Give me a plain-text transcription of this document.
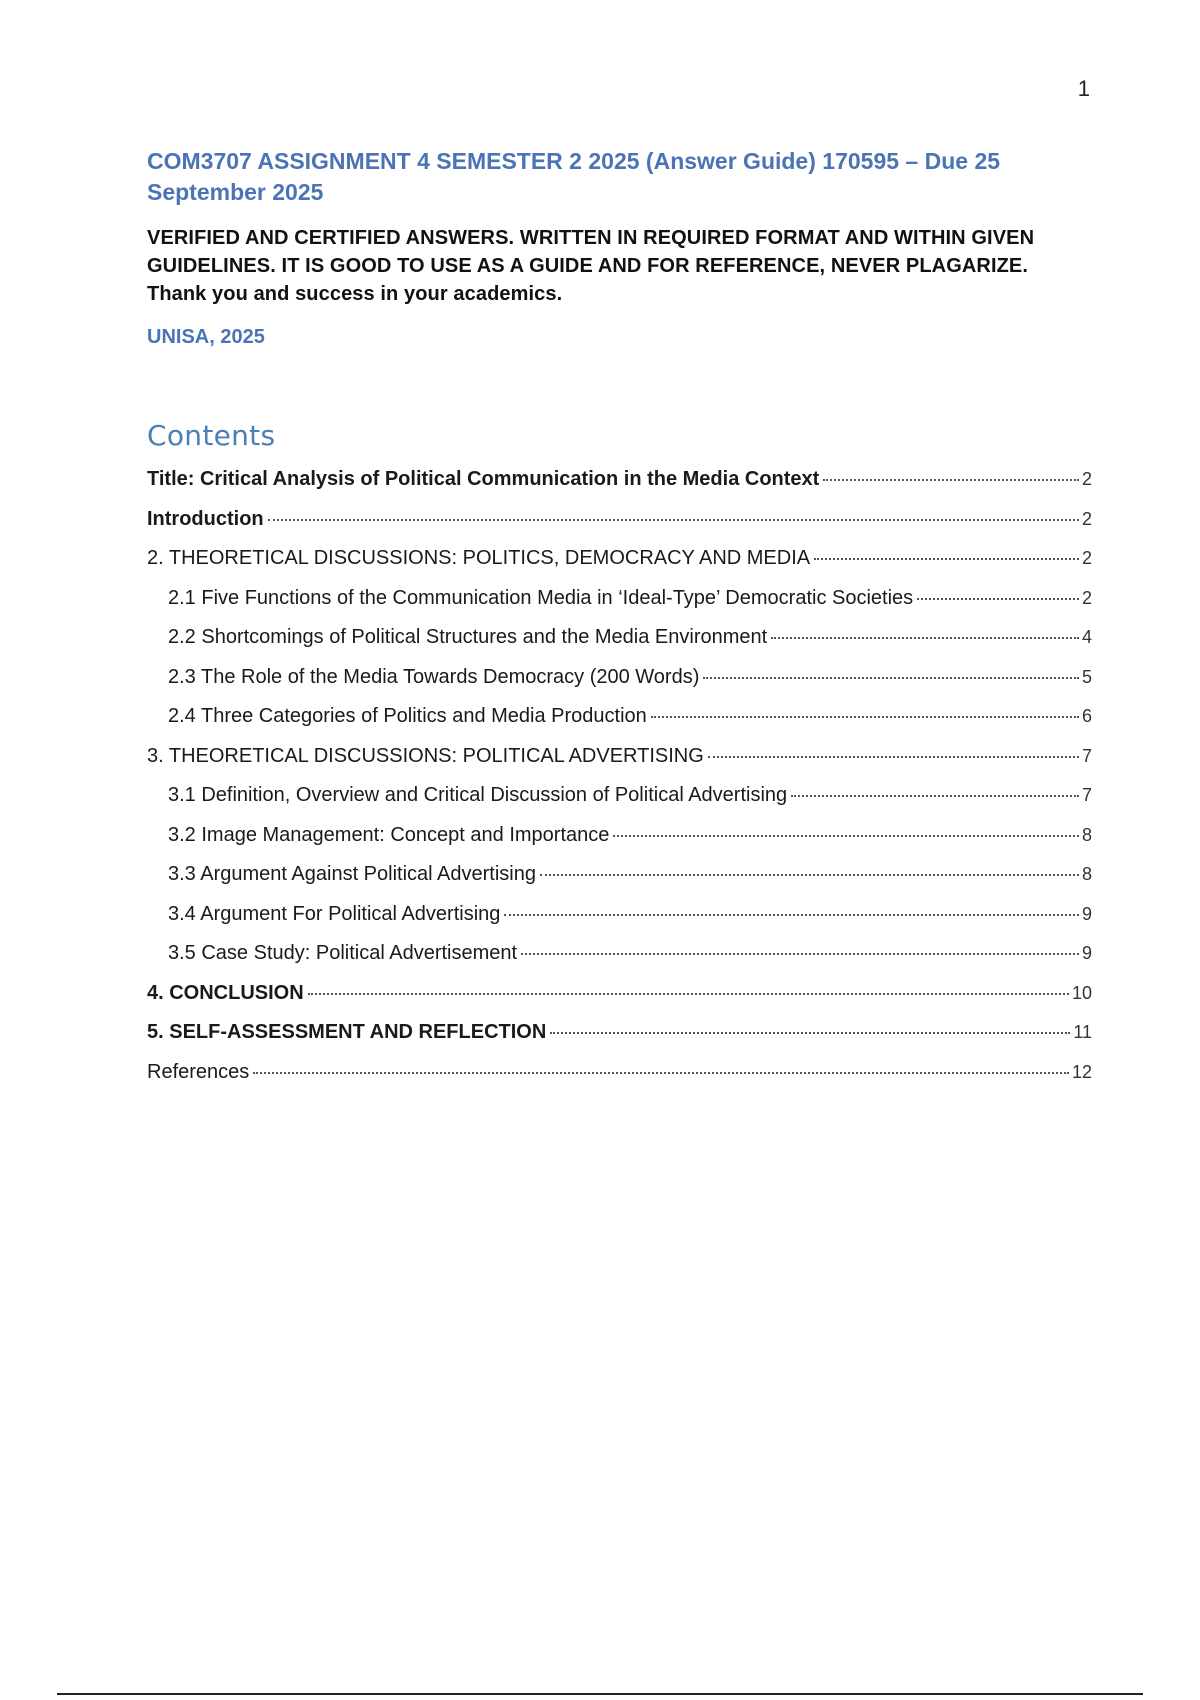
1
COM3707 ASSIGNMENT 4 SEMESTER 2 2025 (Answer Guide) 170595 – Due 25 September 2025

VERIFIED AND CERTIFIED ANSWERS. WRITTEN IN REQUIRED FORMAT AND WITHIN GIVEN GUIDELINES. IT IS GOOD TO USE AS A GUIDE AND FOR REFERENCE, NEVER PLAGARIZE. Thank you and success in your academics.

UNISA, 2025

Contents
Title: Critical Analysis of Political Communication in the Media Context	2
Introduction	2
2. THEORETICAL DISCUSSIONS: POLITICS, DEMOCRACY AND MEDIA	2
2.1 Five Functions of the Communication Media in ‘Ideal-Type’ Democratic Societies	2
2.2 Shortcomings of Political Structures and the Media Environment	4
2.3 The Role of the Media Towards Democracy (200 Words)	5
2.4 Three Categories of Politics and Media Production	6
3. THEORETICAL DISCUSSIONS: POLITICAL ADVERTISING	7
3.1 Definition, Overview and Critical Discussion of Political Advertising	7
3.2 Image Management: Concept and Importance	8
3.3 Argument Against Political Advertising	8
3.4 Argument For Political Advertising	9
3.5 Case Study: Political Advertisement	9
4. CONCLUSION	10
5. SELF-ASSESSMENT AND REFLECTION	11
References	12
